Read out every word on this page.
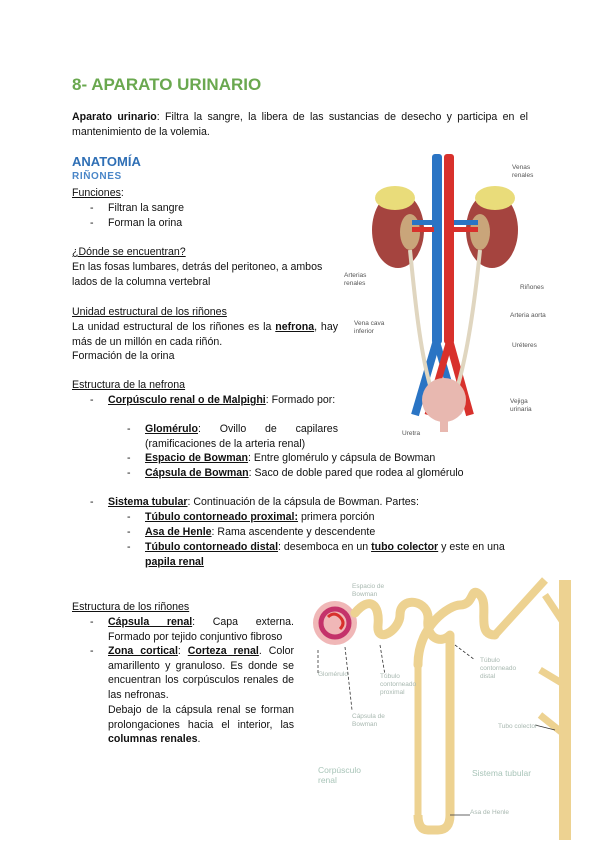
8- APARATO URINARIO
Aparato urinario: Filtra la sangre, la libera de las sustancias de desecho y participa en el mantenimiento de la volemia.
ANATOMÍA
RIÑONES
Funciones:
- Filtran la sangre
- Forman la orina
¿Dónde se encuentran?
En las fosas lumbares, detrás del peritoneo, a ambos lados de la columna vertebral
Unidad estructural de los riñones
La unidad estructural de los riñones es la nefrona, hay más de un millón en cada riñón.
Formación de la orina
Estructura de la nefrona
- Corpúsculo renal o de Malpighi: Formado por:
- Glomérulo: Ovillo de capilares (ramificaciones de la arteria renal)
- Espacio de Bowman: Entre glomérulo y cápsula de Bowman
- Cápsula de Bowman: Saco de doble pared que rodea al glomérulo
- Sistema tubular: Continuación de la cápsula de Bowman. Partes:
- Túbulo contorneado proximal: primera porción
- Asa de Henle: Rama ascendente y descendente
- Túbulo contorneado distal: desemboca en un tubo colector y este en una papila renal
Estructura de los riñones
- Cápsula renal: Capa externa. Formado por tejido conjuntivo fibroso
- Zona cortical: Corteza renal. Color amarillento y granuloso. Es donde se encuentran los corpúsculos renales de las nefronas.
Debajo de la cápsula renal se forman prolongaciones hacia el interior, las columnas renales.
Venas renales
Arterias renales
Riñones
Arteria aorta
Vena cava inferior
Uréteres
Vejiga urinaria
Uretra
Espacio de Bowman
Glomérulo
Cápsula de Bowman
Túbulo contorneado proximal
Túbulo contorneado distal
Tubo colector
Corpúsculo renal
Sistema tubular
Asa de Henle
